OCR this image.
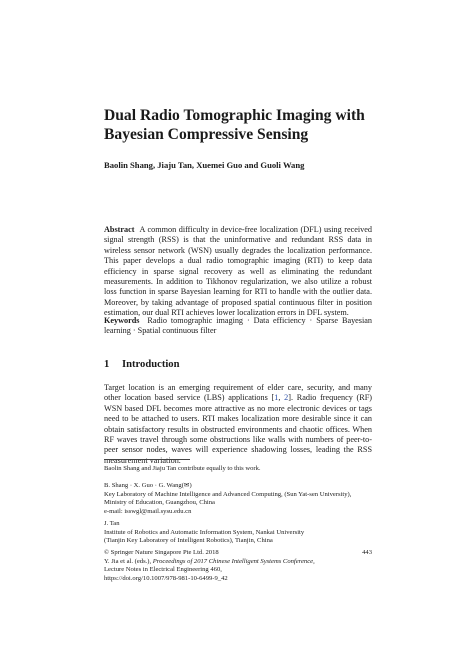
Dual Radio Tomographic Imaging with
Bayesian Compressive Sensing
Baolin Shang, Jiaju Tan, Xuemei Guo and Guoli Wang
Abstract A common difficulty in device-free localization (DFL) using received signal strength (RSS) is that the uninformative and redundant RSS data in wireless sensor network (WSN) usually degrades the localization performance. This paper develops a dual radio tomographic imaging (RTI) to keep data efficiency in sparse signal recovery as well as eliminating the redundant measurements. In addition to Tikhonov regularization, we also utilize a robust loss function in sparse Bayesian learning for RTI to handle with the outlier data. Moreover, by taking advantage of proposed spatial continuous filter in position estimation, our dual RTI achieves lower localization errors in DFL system.
Keywords Radio tomographic imaging · Data efficiency · Sparse Bayesian learning · Spatial continuous filter
1 Introduction
Target location is an emerging requirement of elder care, security, and many other location based service (LBS) applications [1, 2]. Radio frequency (RF) WSN based DFL becomes more attractive as no more electronic devices or tags need to be attached to users. RTI makes localization more desirable since it can obtain satisfactory results in obstructed environments and chaotic offices. When RF waves travel through some obstructions like walls with numbers of peer-to-peer sensor nodes, waves will experience shadowing losses, leading the RSS measurement variation.
Baolin Shang and Jiaju Tan contribute equally to this work.
B. Shang · X. Guo · G. Wang(✉)
Key Laboratory of Machine Intelligence and Advanced Computing, (Sun Yat-sen University),
Ministry of Education, Guangzhou, China
e-mail: isswgl@mail.sysu.edu.cn
J. Tan
Institute of Robotics and Automatic Information System, Nankai University
(Tianjin Key Laboratory of Intelligent Robotics), Tianjin, China
© Springer Nature Singapore Pte Ltd. 2018
Y. Jia et al. (eds.), Proceedings of 2017 Chinese Intelligent Systems Conference,
Lecture Notes in Electrical Engineering 460,
https://doi.org/10.1007/978-981-10-6499-9_42
443
